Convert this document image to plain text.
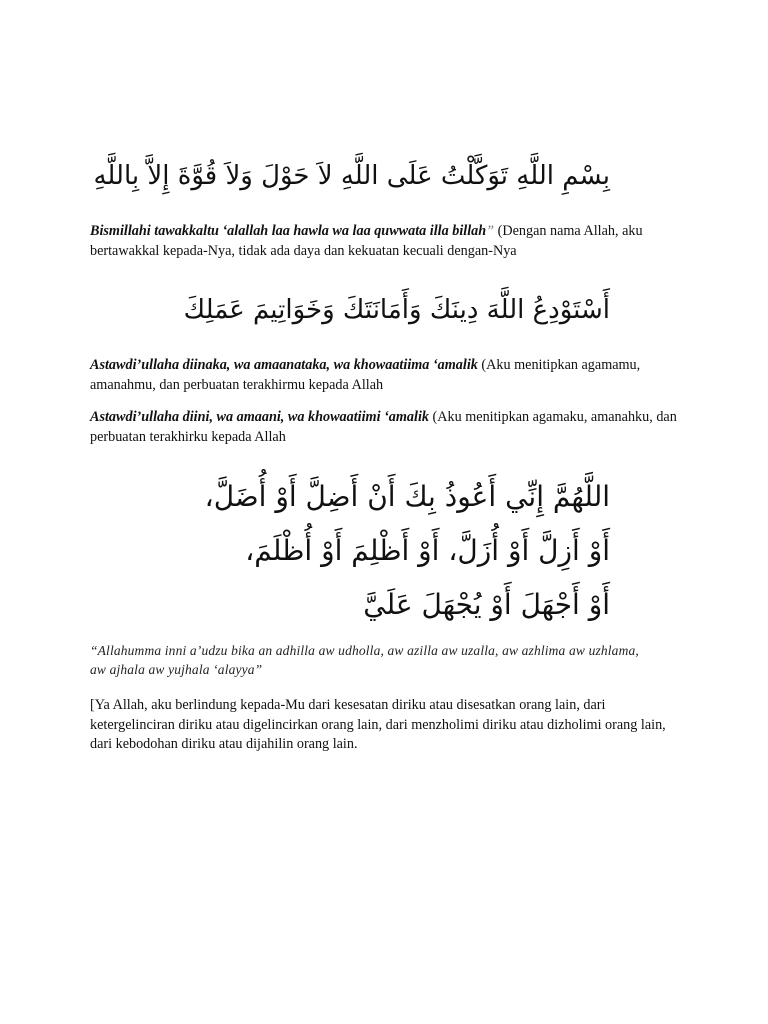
بِسْمِ اللَّهِ تَوَكَّلْتُ عَلَى اللَّهِ لاَ حَوْلَ وَلاَ قُوَّةَ إِلاَّ بِاللَّهِ
Bismillahi tawakkaltu ‘alallah laa hawla wa laa quwwata illa billah” (Dengan nama Allah, aku bertawakkal kepada-Nya, tidak ada daya dan kekuatan kecuali dengan-Nya
أَسْتَوْدِعُ اللَّهَ دِينَكَ وَأَمَانَتَكَ وَخَوَاتِيمَ عَمَلِكَ
Astawdi’ullaha diinaka, wa amaanataka, wa khowaatiima ‘amalik (Aku menitipkan agamamu, amanahmu, dan perbuatan terakhirmu kepada Allah
Astawdi’ullaha diini, wa amaani, wa khowaatiimi ‘amalik (Aku menitipkan agamaku, amanahku, dan perbuatan terakhirku kepada Allah
اللَّهُمَّ إِنِّي أَعُوذُ بِكَ أَنْ أَضِلَّ أَوْ أُضَلَّ،
أَوْ أَزِلَّ أَوْ أُزَلَّ، أَوْ أَظْلِمَ أَوْ أُظْلَمَ،
أَوْ أَجْهَلَ أَوْ يُجْهَلَ عَلَيَّ
“Allahumma inni a’udzu bika an adhilla aw udholla, aw azilla aw uzalla, aw azhlima aw uzhlama, aw ajhala aw yujhala ‘alayya”
[Ya Allah, aku berlindung kepada-Mu dari kesesatan diriku atau disesatkan orang lain, dari ketergelinciran diriku atau digelincirkan orang lain, dari menzholimi diriku atau dizholimi orang lain, dari kebodohan diriku atau dijahilin orang lain.
